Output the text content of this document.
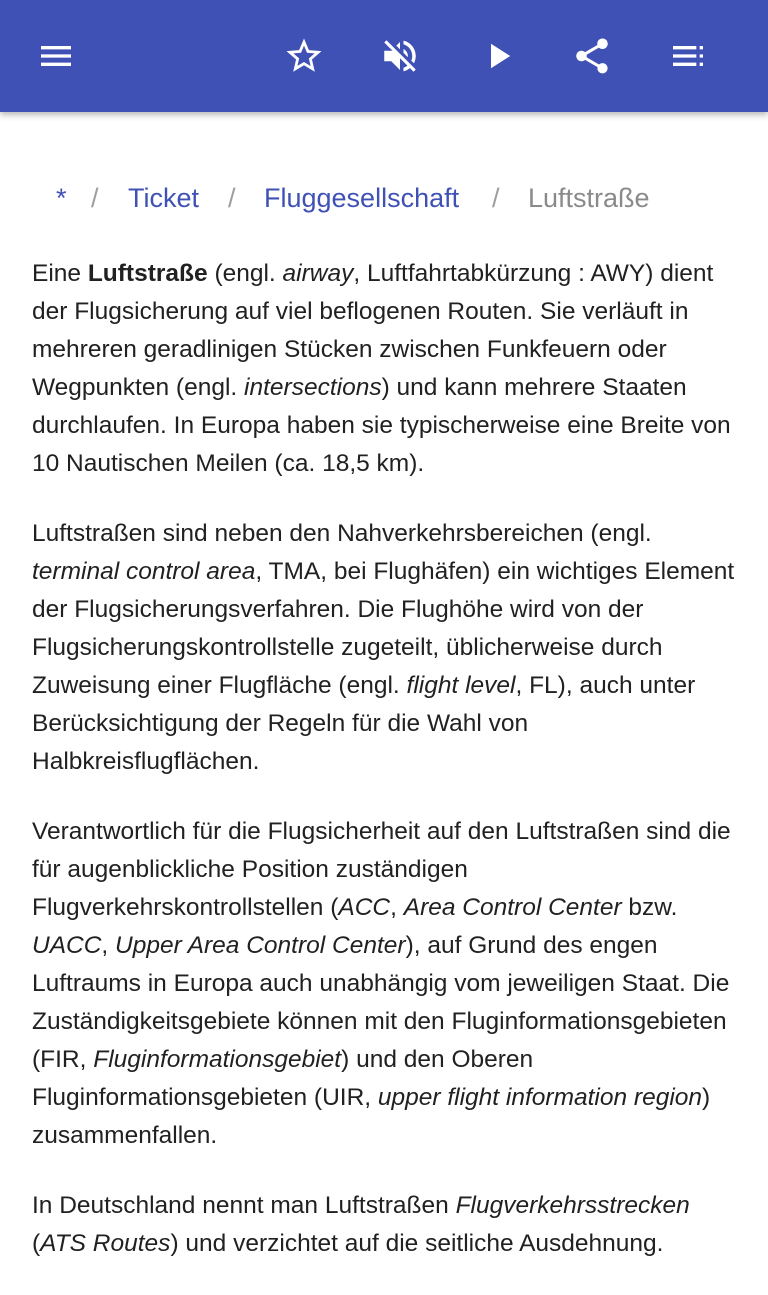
* / Ticket / Fluggesellschaft / Luftstraße

Eine Luftstraße (engl. airway, Luftfahrtabkürzung : AWY) dient der Flugsicherung auf viel beflogenen Routen. Sie verläuft in mehreren geradlinigen Stücken zwischen Funkfeuern oder Wegpunkten (engl. intersections) und kann mehrere Staaten durchlaufen. In Europa haben sie typischerweise eine Breite von 10 Nautischen Meilen (ca. 18,5 km).

Luftstraßen sind neben den Nahverkehrsbereichen (engl. terminal control area, TMA, bei Flughäfen) ein wichtiges Element der Flugsicherungsverfahren. Die Flughöhe wird von der Flugsicherungskontrollstelle zugeteilt, üblicherweise durch Zuweisung einer Flugfläche (engl. flight level, FL), auch unter Berücksichtigung der Regeln für die Wahl von Halbkreisflugflächen.

Verantwortlich für die Flugsicherheit auf den Luftstraßen sind die für augenblickliche Position zuständigen Flugverkehrskontrollstellen (ACC, Area Control Center bzw. UACC, Upper Area Control Center), auf Grund des engen Luftraums in Europa auch unabhängig vom jeweiligen Staat. Die Zuständigkeitsgebiete können mit den Fluginformationsgebieten (FIR, Fluginformationsgebiet) und den Oberen Fluginformationsgebieten (UIR, upper flight information region) zusammenfallen.

In Deutschland nennt man Luftstraßen Flugverkehrsstrecken (ATS Routes) und verzichtet auf die seitliche Ausdehnung.
